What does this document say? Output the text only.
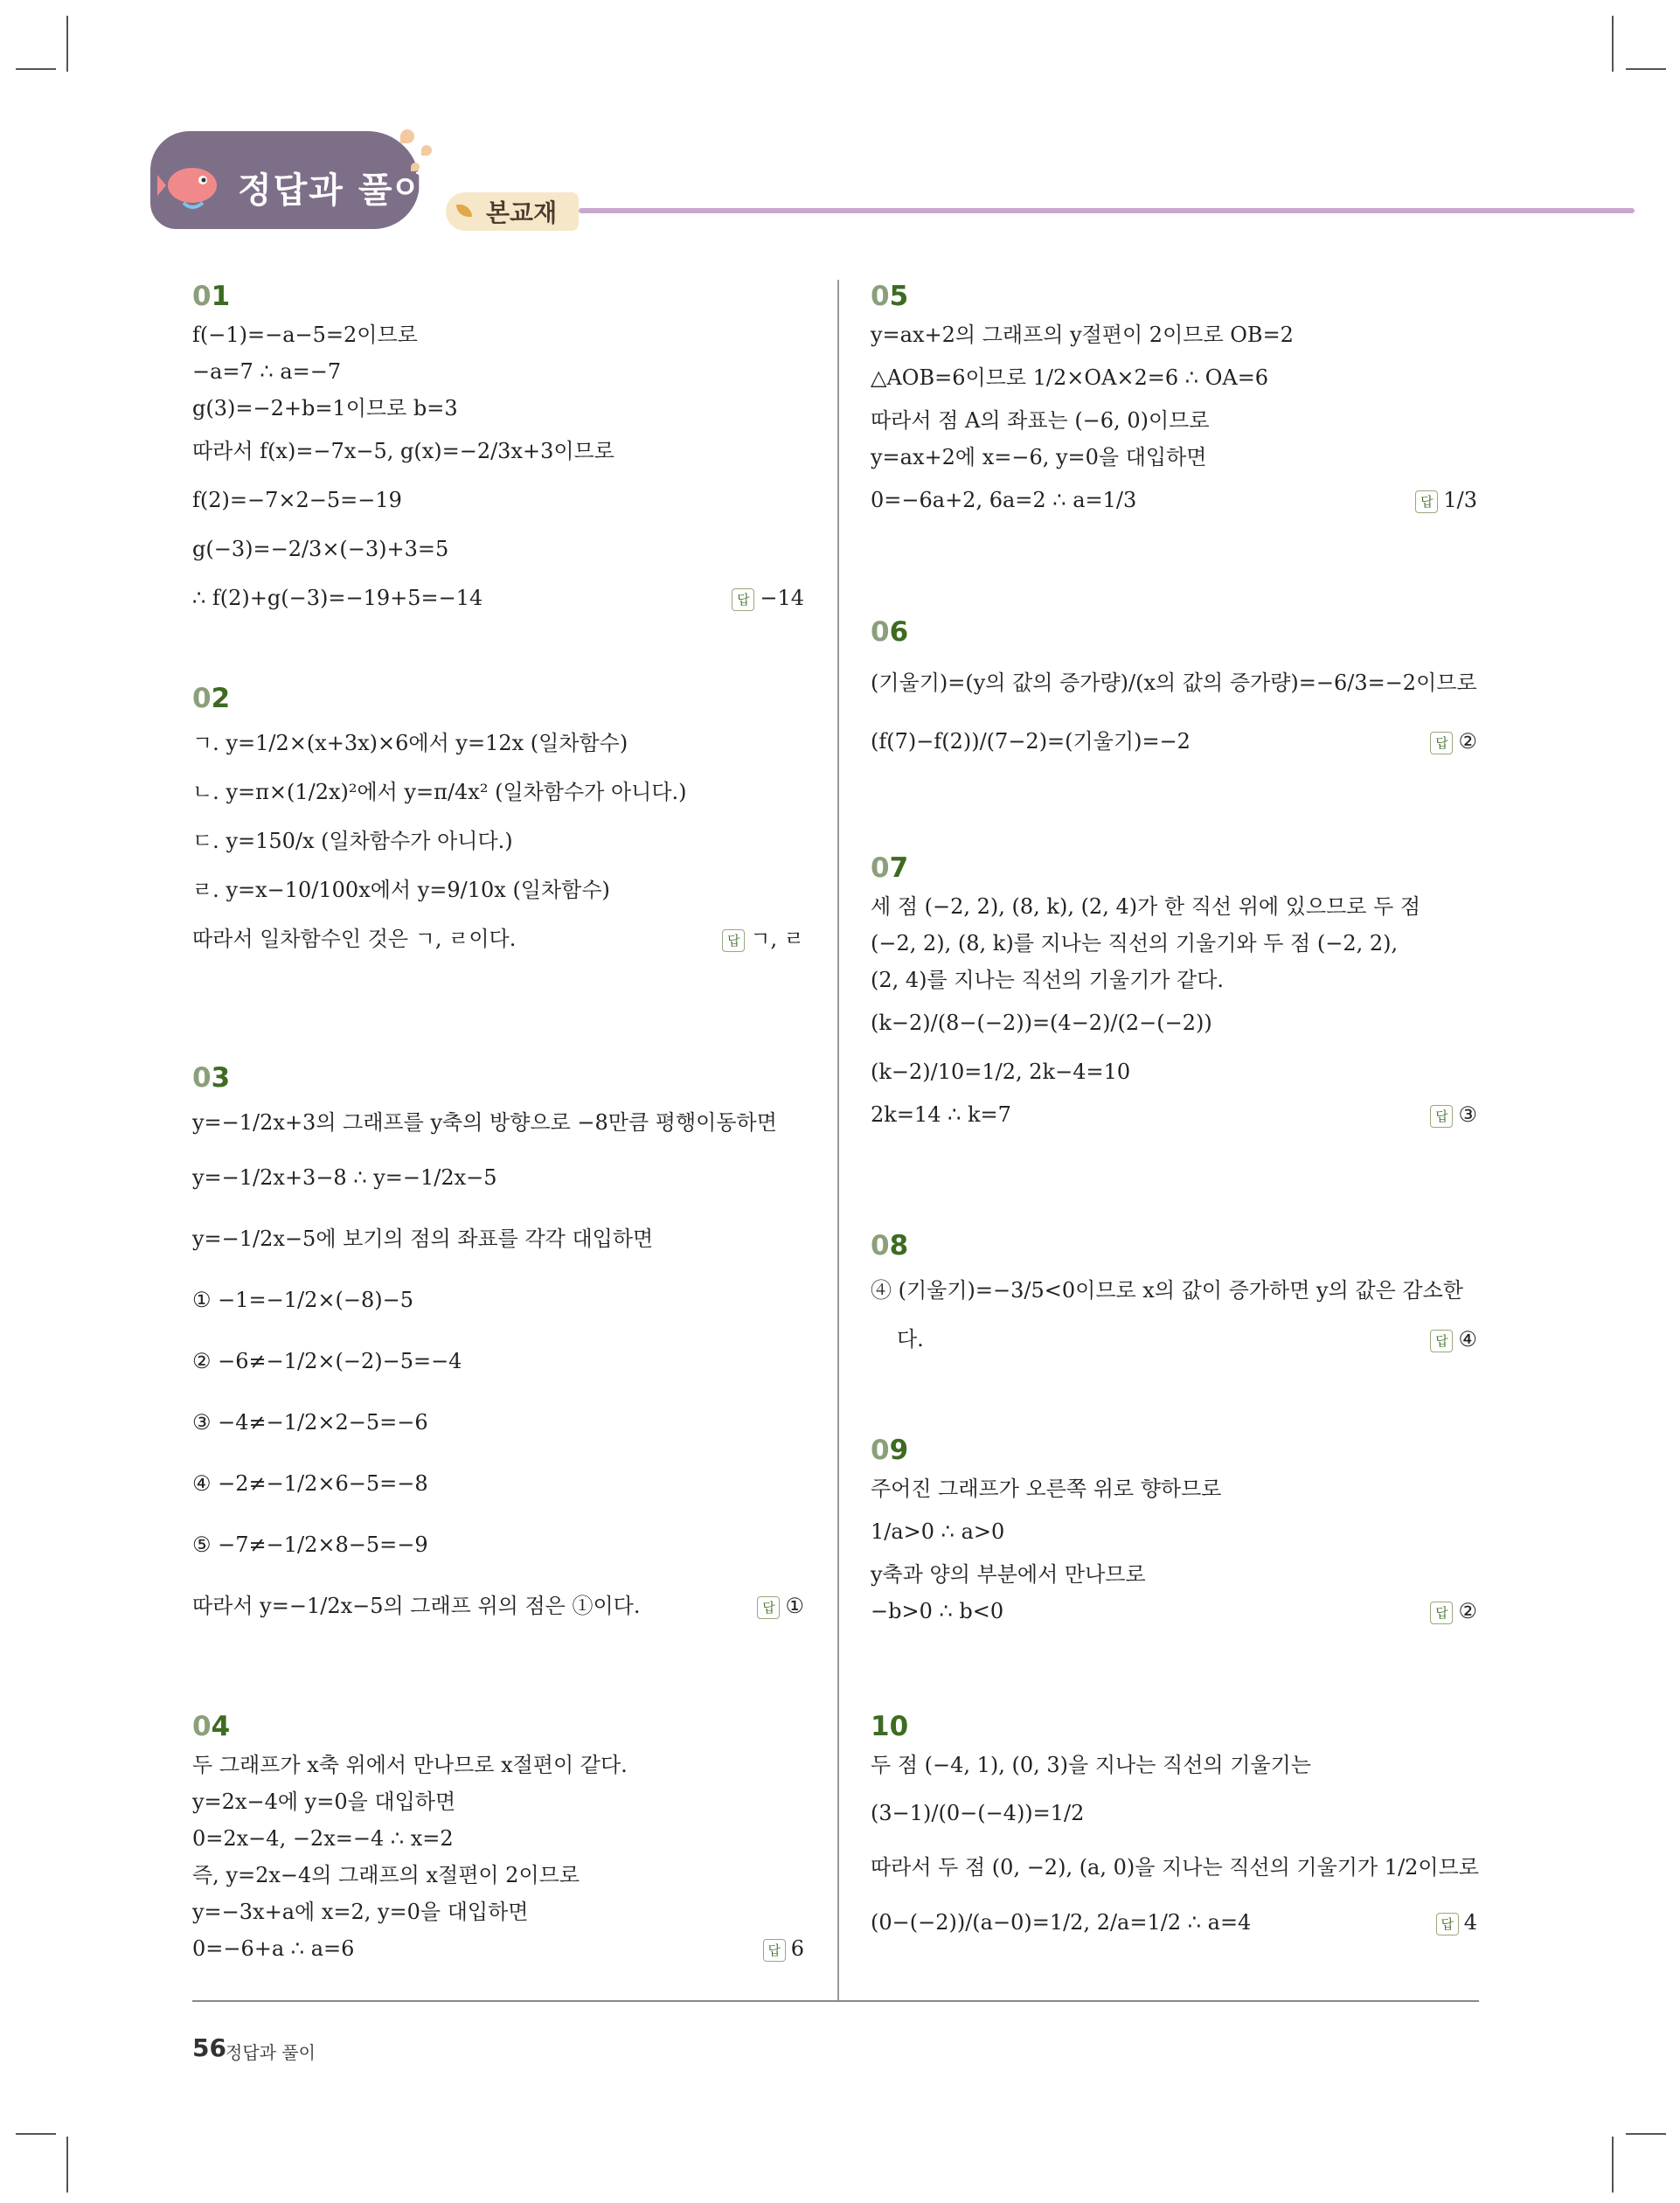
정답과 풀이
본교재
01
f(−1)=−a−5=2이므로
−a=7 ∴ a=−7
g(3)=−2+b=1이므로 b=3
따라서 f(x)=−7x−5, g(x)=−2/3x+3이므로
f(2)=−7×2−5=−19
g(−3)=−2/3×(−3)+3=5
∴ f(2)+g(−3)=−19+5=−14	답 −14
02
ㄱ. y=1/2×(x+3x)×6에서 y=12x (일차함수)
ㄴ. y=π×(1/2x)²에서 y=π/4x² (일차함수가 아니다.)
ㄷ. y=150/x (일차함수가 아니다.)
ㄹ. y=x−10/100x에서 y=9/10x (일차함수)
따라서 일차함수인 것은 ㄱ, ㄹ이다.	답 ㄱ, ㄹ
03
y=−1/2x+3의 그래프를 y축의 방향으로 −8만큼 평행이동하면
y=−1/2x+3−8 ∴ y=−1/2x−5
y=−1/2x−5에 보기의 점의 좌표를 각각 대입하면
① −1=−1/2×(−8)−5
② −6≠−1/2×(−2)−5=−4
③ −4≠−1/2×2−5=−6
④ −2≠−1/2×6−5=−8
⑤ −7≠−1/2×8−5=−9
따라서 y=−1/2x−5의 그래프 위의 점은 ①이다.	답 ①
04
두 그래프가 x축 위에서 만나므로 x절편이 같다.
y=2x−4에 y=0을 대입하면
0=2x−4, −2x=−4 ∴ x=2
즉, y=2x−4의 그래프의 x절편이 2이므로
y=−3x+a에 x=2, y=0을 대입하면
0=−6+a ∴ a=6	답 6
05
y=ax+2의 그래프의 y절편이 2이므로 OB=2
△AOB=6이므로 1/2×OA×2=6 ∴ OA=6
따라서 점 A의 좌표는 (−6, 0)이므로
y=ax+2에 x=−6, y=0을 대입하면
0=−6a+2, 6a=2 ∴ a=1/3	답 1/3
06
(기울기)=(y의 값의 증가량)/(x의 값의 증가량)=−6/3=−2이므로
(f(7)−f(2))/(7−2)=(기울기)=−2	답 ②
07
세 점 (−2, 2), (8, k), (2, 4)가 한 직선 위에 있으므로 두 점
(−2, 2), (8, k)를 지나는 직선의 기울기와 두 점 (−2, 2),
(2, 4)를 지나는 직선의 기울기가 같다.
(k−2)/(8−(−2))=(4−2)/(2−(−2))
(k−2)/10=1/2, 2k−4=10
2k=14 ∴ k=7	답 ③
08
④ (기울기)=−3/5<0이므로 x의 값이 증가하면 y의 값은 감소한
다.	답 ④
09
주어진 그래프가 오른쪽 위로 향하므로
1/a>0 ∴ a>0
y축과 양의 부분에서 만나므로
−b>0 ∴ b<0	답 ②
10
두 점 (−4, 1), (0, 3)을 지나는 직선의 기울기는
(3−1)/(0−(−4))=1/2
따라서 두 점 (0, −2), (a, 0)을 지나는 직선의 기울기가 1/2이므로
(0−(−2))/(a−0)=1/2, 2/a=1/2 ∴ a=4	답 4
56 정답과 풀이
